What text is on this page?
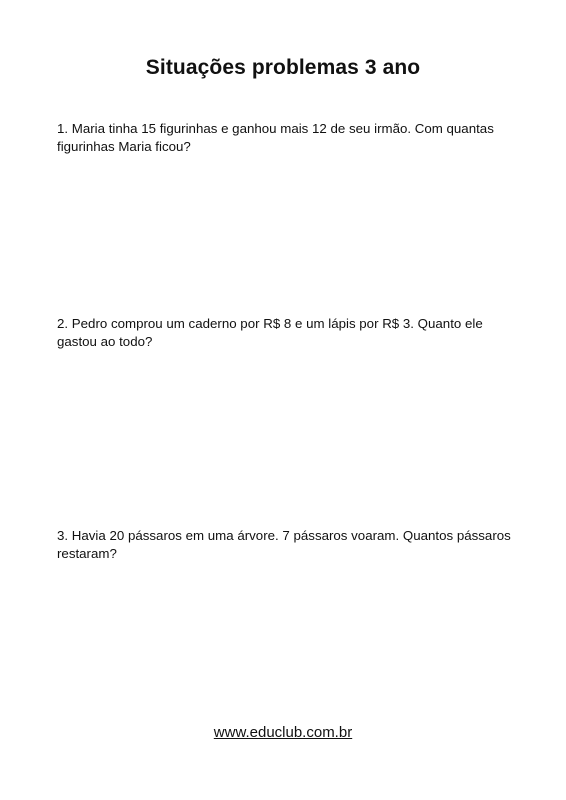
Situações problemas 3 ano

1. Maria tinha 15 figurinhas e ganhou mais 12 de seu irmão. Com quantas figurinhas Maria ficou?

2. Pedro comprou um caderno por R$ 8 e um lápis por R$ 3. Quanto ele gastou ao todo?

3. Havia 20 pássaros em uma árvore. 7 pássaros voaram. Quantos pássaros restaram?

www.educlub.com.br
